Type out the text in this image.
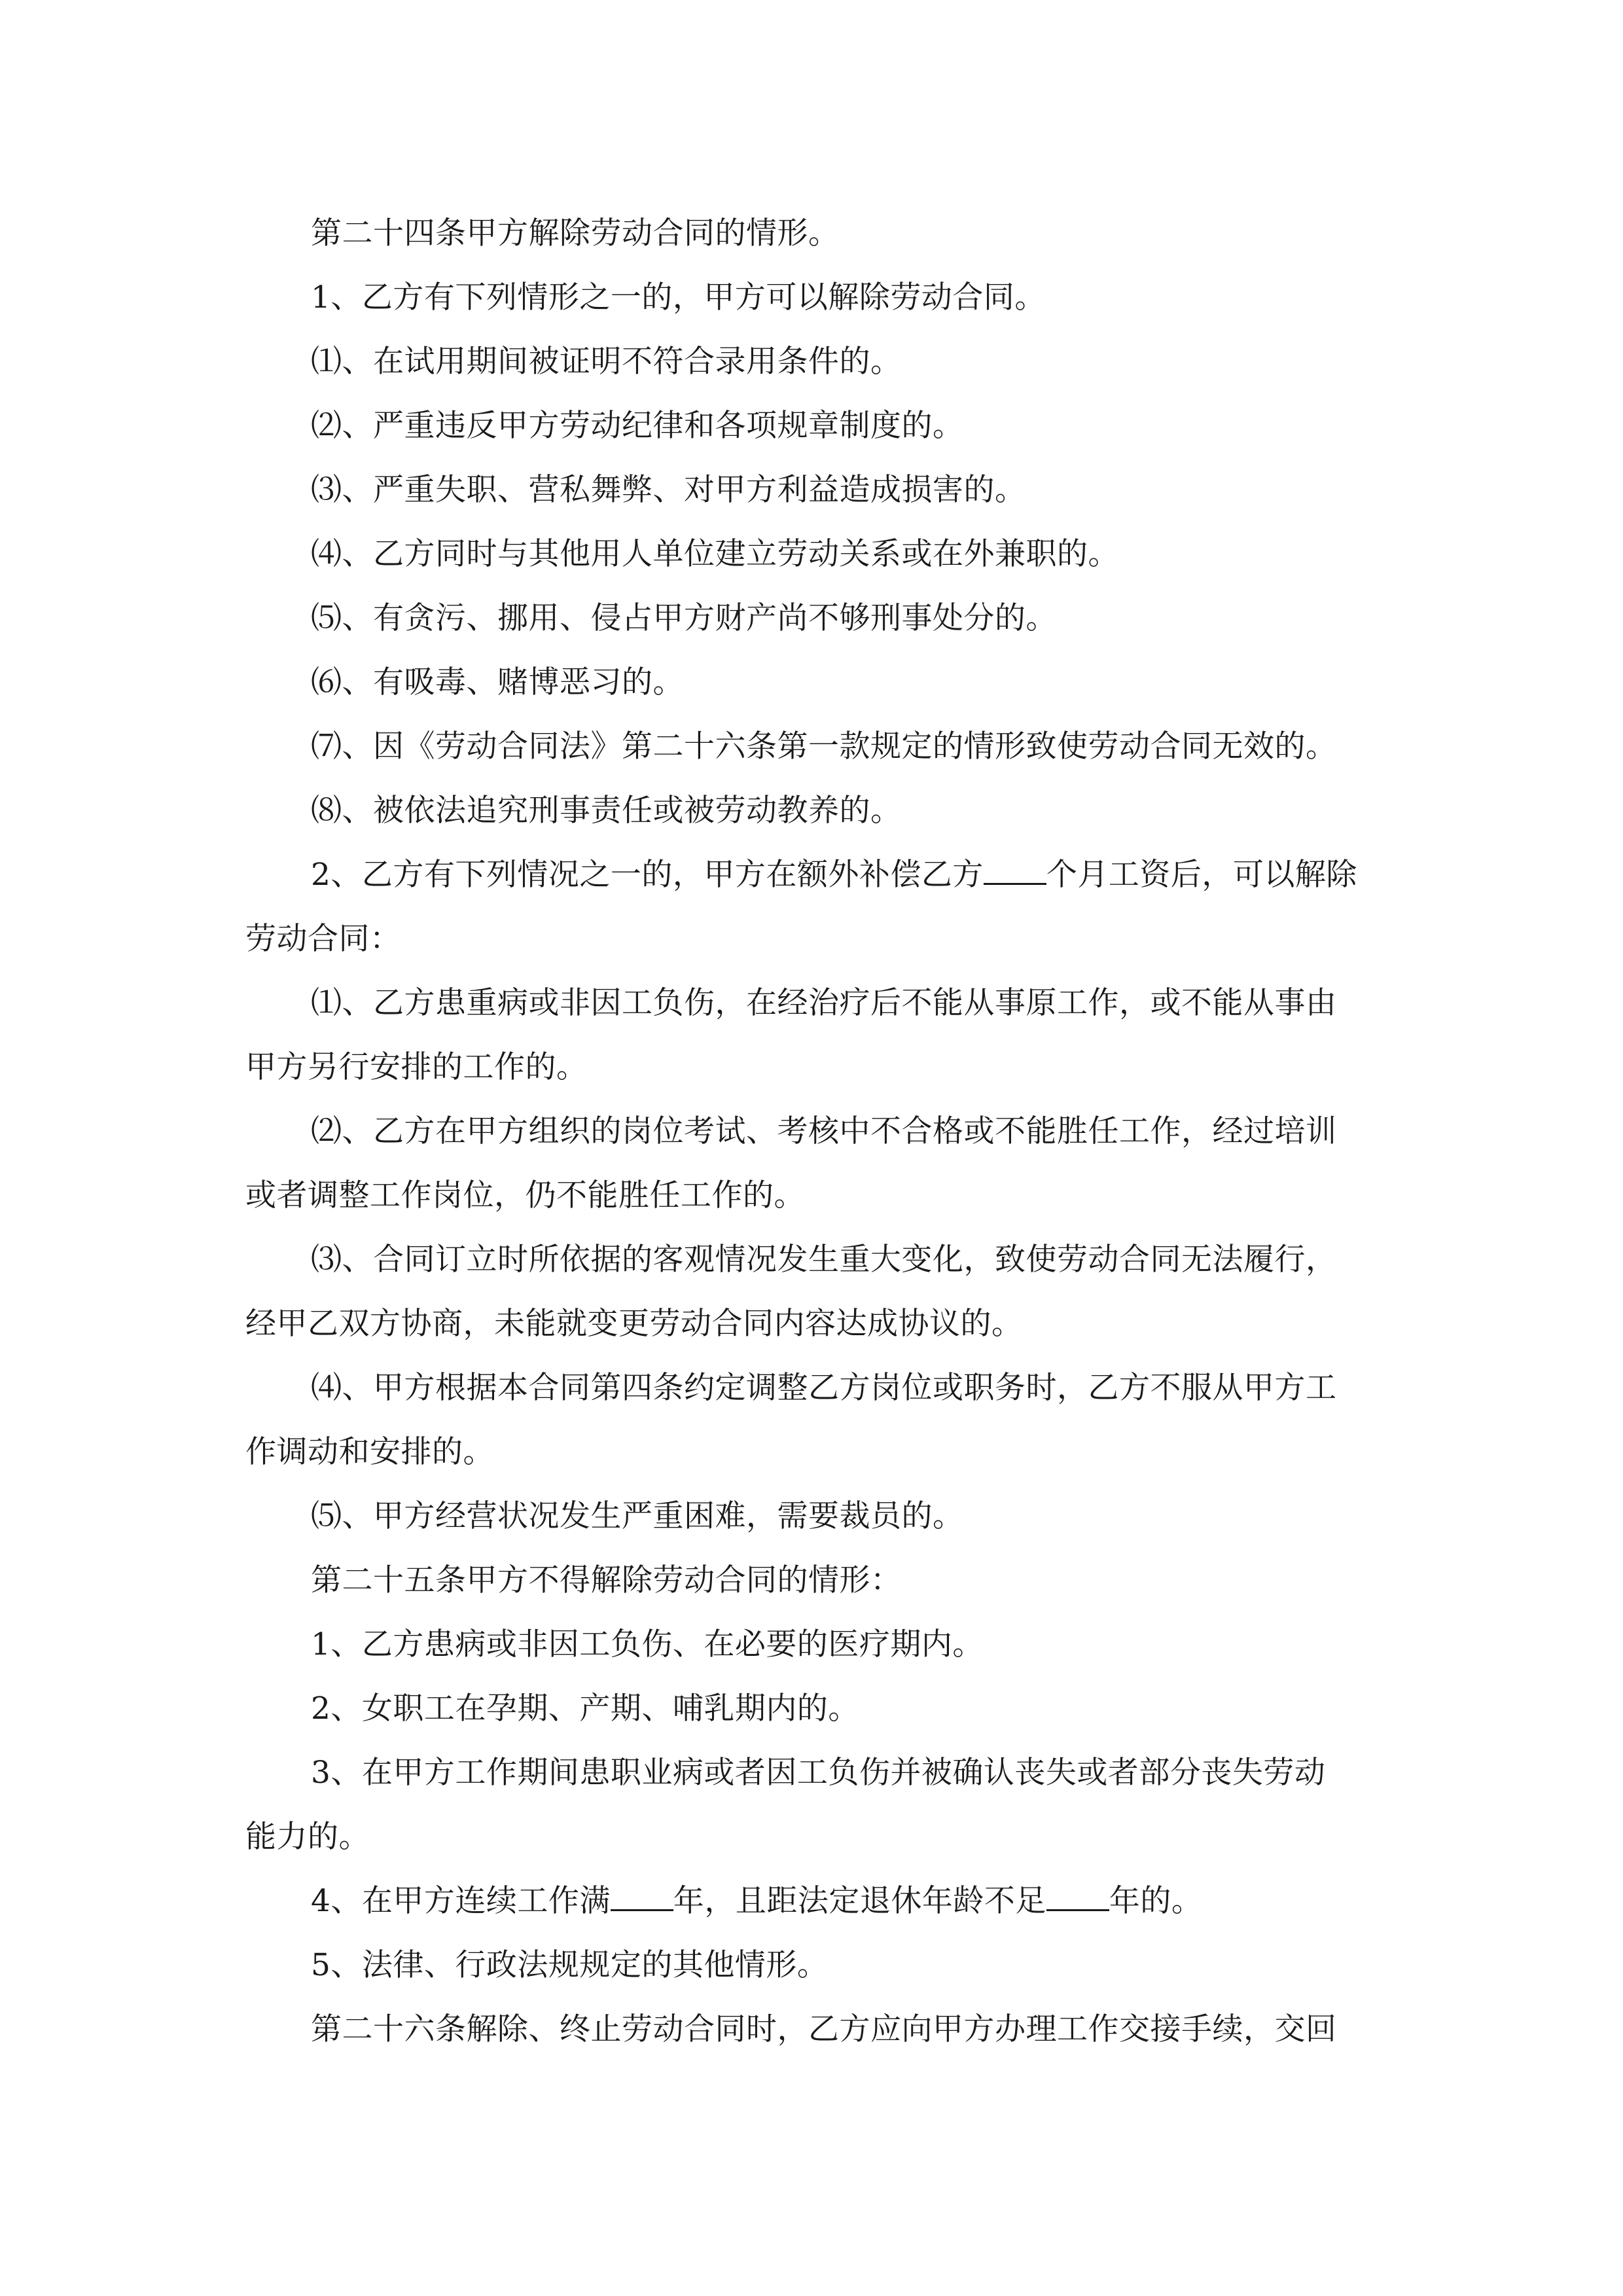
第二十四条甲方解除劳动合同的情形。
1、乙方有下列情形之一的，甲方可以解除劳动合同。
⑴、在试用期间被证明不符合录用条件的。
⑵、严重违反甲方劳动纪律和各项规章制度的。
⑶、严重失职、营私舞弊、对甲方利益造成损害的。
⑷、乙方同时与其他用人单位建立劳动关系或在外兼职的。
⑸、有贪污、挪用、侵占甲方财产尚不够刑事处分的。
⑹、有吸毒、赌博恶习的。
⑺、因《劳动合同法》第二十六条第一款规定的情形致使劳动合同无效的。
⑻、被依法追究刑事责任或被劳动教养的。
2、乙方有下列情况之一的，甲方在额外补偿乙方 个月工资后，可以解除
劳动合同：
⑴、乙方患重病或非因工负伤，在经治疗后不能从事原工作，或不能从事由
甲方另行安排的工作的。
⑵、乙方在甲方组织的岗位考试、考核中不合格或不能胜任工作，经过培训
或者调整工作岗位，仍不能胜任工作的。
⑶、合同订立时所依据的客观情况发生重大变化，致使劳动合同无法履行，
经甲乙双方协商，未能就变更劳动合同内容达成协议的。
⑷、甲方根据本合同第四条约定调整乙方岗位或职务时，乙方不服从甲方工
作调动和安排的。
⑸、甲方经营状况发生严重困难，需要裁员的。
第二十五条甲方不得解除劳动合同的情形：
1、乙方患病或非因工负伤、在必要的医疗期内。
2、女职工在孕期、产期、哺乳期内的。
3、在甲方工作期间患职业病或者因工负伤并被确认丧失或者部分丧失劳动
能力的。
4、在甲方连续工作满 年，且距法定退休年龄不足 年的。
5、法律、行政法规规定的其他情形。
第二十六条解除、终止劳动合同时，乙方应向甲方办理工作交接手续，交回
